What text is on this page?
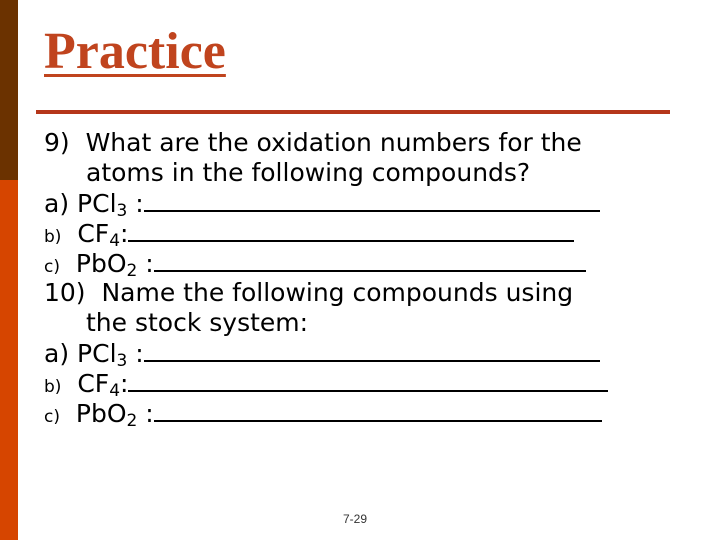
Practice
9) What are the oxidation numbers for the
atoms in the following compounds?
a) PCl$_3$ :
b) $CF_4$:
c) PbO$_2$ :
10) Name the following compounds using
the stock system:
a) PCl$_3$ :
b) $CF_4$:
c) PbO$_2$ :
7-29
